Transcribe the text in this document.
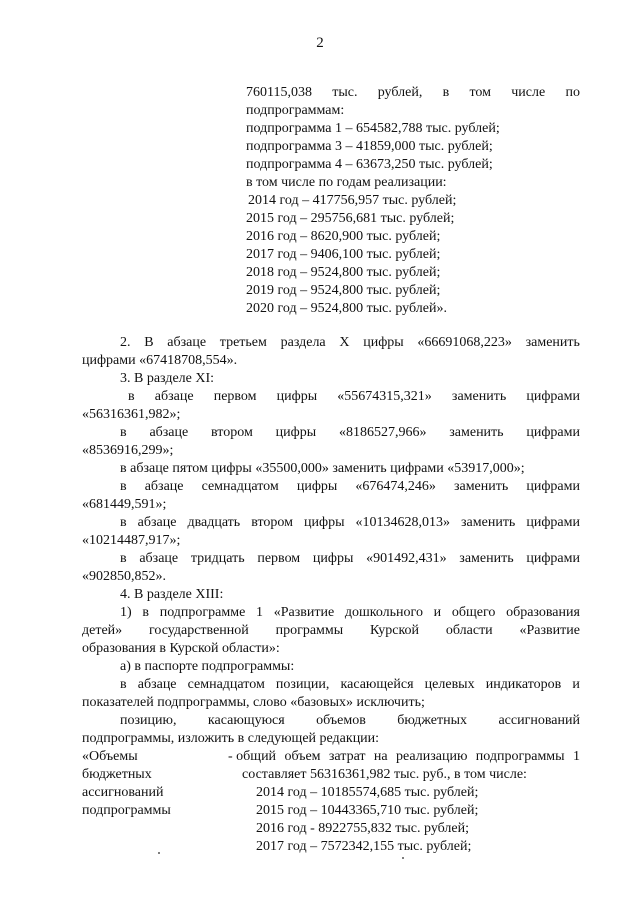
2
760115,038 тыс. рублей, в том числе по
подпрограммам:
подпрограмма 1 – 654582,788 тыс. рублей;
подпрограмма 3 – 41859,000 тыс. рублей;
подпрограмма 4 – 63673,250 тыс. рублей;
в том числе по годам реализации:
2014 год – 417756,957 тыс. рублей;
2015 год – 295756,681 тыс. рублей;
2016 год – 8620,900 тыс. рублей;
2017 год – 9406,100 тыс. рублей;
2018 год – 9524,800 тыс. рублей;
2019 год – 9524,800 тыс. рублей;
2020 год – 9524,800 тыс. рублей».
2. В абзаце третьем раздела X цифры «66691068,223» заменить
цифрами «67418708,554».
3. В разделе XI:
в абзаце первом цифры «55674315,321» заменить цифрами
«56316361,982»;
в абзаце втором цифры «8186527,966» заменить цифрами
«8536916,299»;
в абзаце пятом цифры «35500,000» заменить цифрами «53917,000»;
в абзаце семнадцатом цифры «676474,246» заменить цифрами
«681449,591»;
в абзаце двадцать втором цифры «10134628,013» заменить цифрами
«10214487,917»;
в абзаце тридцать первом цифры «901492,431» заменить цифрами
«902850,852».
4. В разделе XIII:
1) в подпрограмме 1 «Развитие дошкольного и общего образования
детей» государственной программы Курской области «Развитие
образования в Курской области»:
а) в паспорте подпрограммы:
в абзаце семнадцатом позиции, касающейся целевых индикаторов и
показателей подпрограммы, слово «базовых» исключить;
позицию, касающуюся объемов бюджетных ассигнований
подпрограммы, изложить в следующей редакции:
«Объемы
бюджетных
ассигнований
подпрограммы
- общий объем затрат на реализацию подпрограммы 1
составляет 56316361,982 тыс. руб., в том числе:
2014 год – 10185574,685 тыс. рублей;
2015 год – 10443365,710 тыс. рублей;
2016 год - 8922755,832 тыс. рублей;
2017 год – 7572342,155 тыс. рублей;
